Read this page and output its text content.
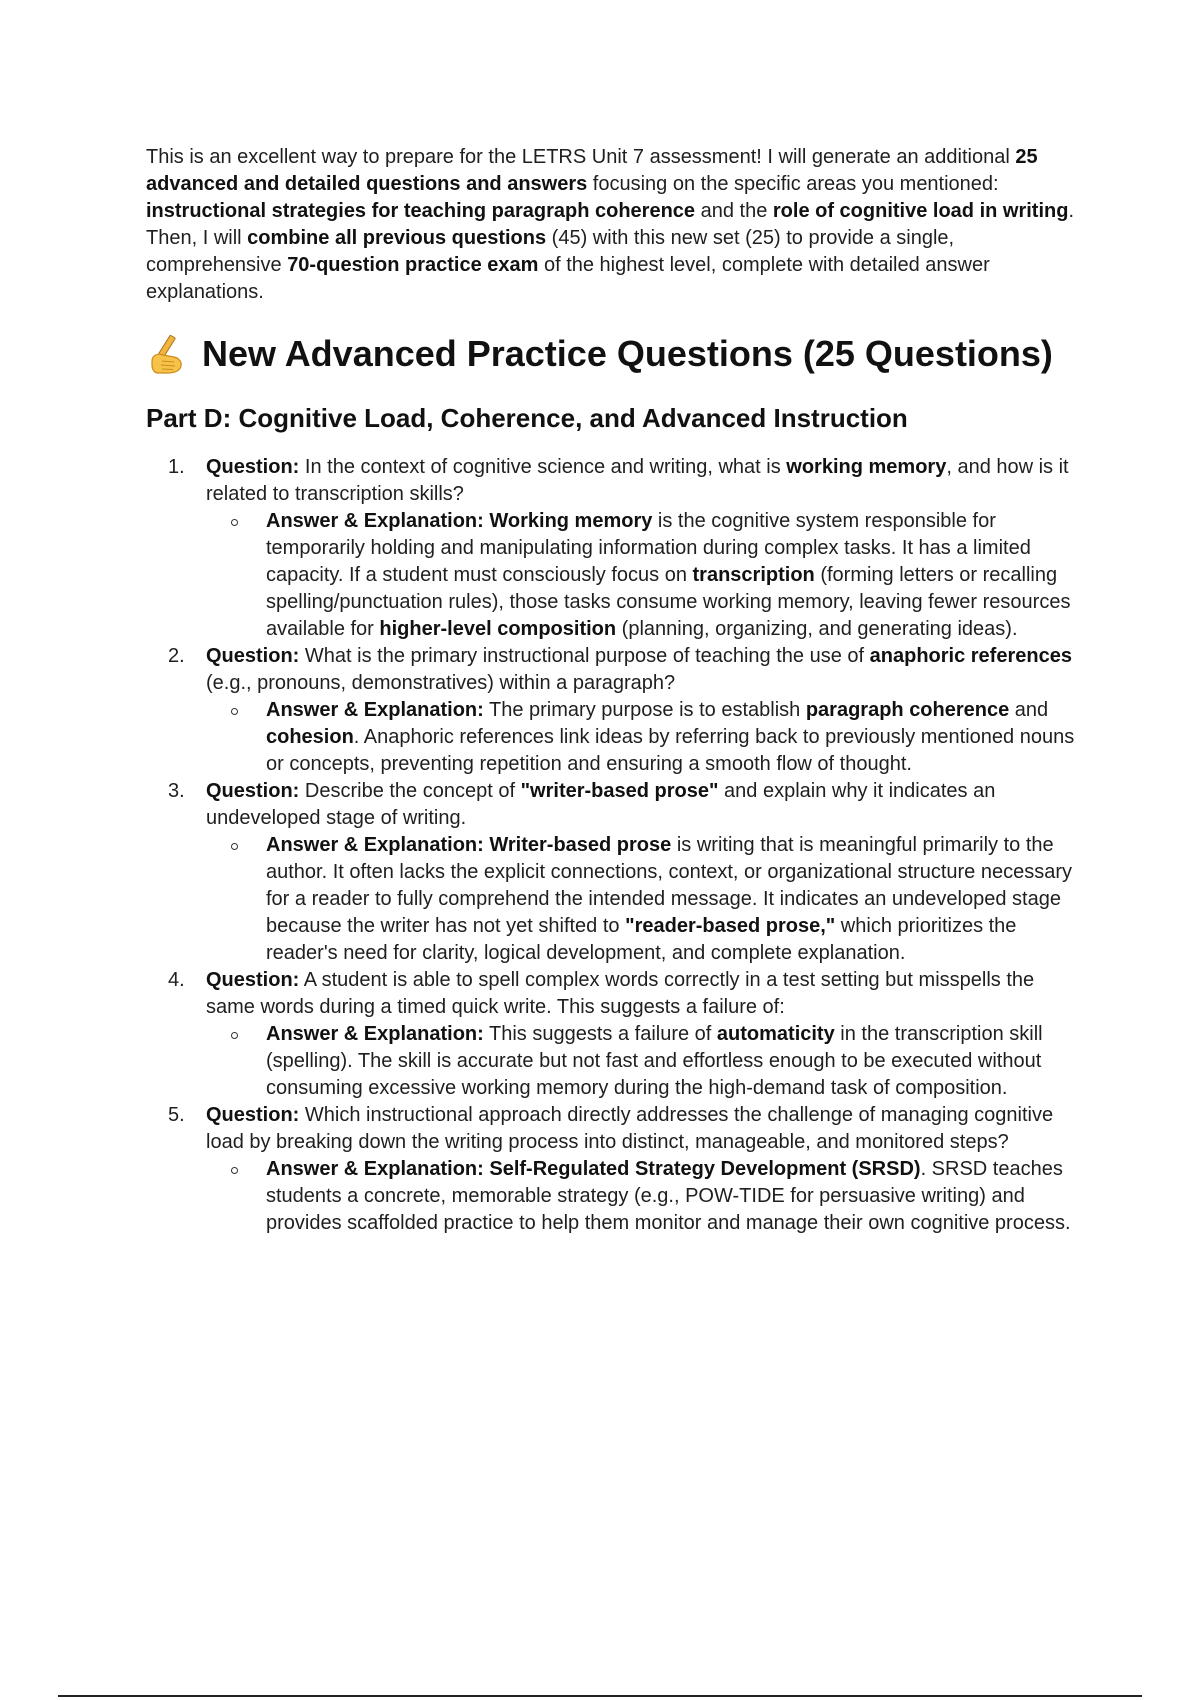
This is an excellent way to prepare for the LETRS Unit 7 assessment! I will generate an additional 25 advanced and detailed questions and answers focusing on the specific areas you mentioned: instructional strategies for teaching paragraph coherence and the role of cognitive load in writing.

Then, I will combine all previous questions (45) with this new set (25) to provide a single, comprehensive 70-question practice exam of the highest level, complete with detailed answer explanations.

New Advanced Practice Questions (25 Questions)
Part D: Cognitive Load, Coherence, and Advanced Instruction
1. Question: In the context of cognitive science and writing, what is working memory, and how is it related to transcription skills?
Answer & Explanation: Working memory is the cognitive system responsible for temporarily holding and manipulating information during complex tasks. It has a limited capacity. If a student must consciously focus on transcription (forming letters or recalling spelling/punctuation rules), those tasks consume working memory, leaving fewer resources available for higher-level composition (planning, organizing, and generating ideas).
2. Question: What is the primary instructional purpose of teaching the use of anaphoric references (e.g., pronouns, demonstratives) within a paragraph?
Answer & Explanation: The primary purpose is to establish paragraph coherence and cohesion. Anaphoric references link ideas by referring back to previously mentioned nouns or concepts, preventing repetition and ensuring a smooth flow of thought.
3. Question: Describe the concept of "writer-based prose" and explain why it indicates an undeveloped stage of writing.
Answer & Explanation: Writer-based prose is writing that is meaningful primarily to the author. It often lacks the explicit connections, context, or organizational structure necessary for a reader to fully comprehend the intended message. It indicates an undeveloped stage because the writer has not yet shifted to "reader-based prose," which prioritizes the reader's need for clarity, logical development, and complete explanation.
4. Question: A student is able to spell complex words correctly in a test setting but misspells the same words during a timed quick write. This suggests a failure of:
Answer & Explanation: This suggests a failure of automaticity in the transcription skill (spelling). The skill is accurate but not fast and effortless enough to be executed without consuming excessive working memory during the high-demand task of composition.
5. Question: Which instructional approach directly addresses the challenge of managing cognitive load by breaking down the writing process into distinct, manageable, and monitored steps?
Answer & Explanation: Self-Regulated Strategy Development (SRSD). SRSD teaches students a concrete, memorable strategy (e.g., POW-TIDE for persuasive writing) and provides scaffolded practice to help them monitor and manage their own cognitive process.
